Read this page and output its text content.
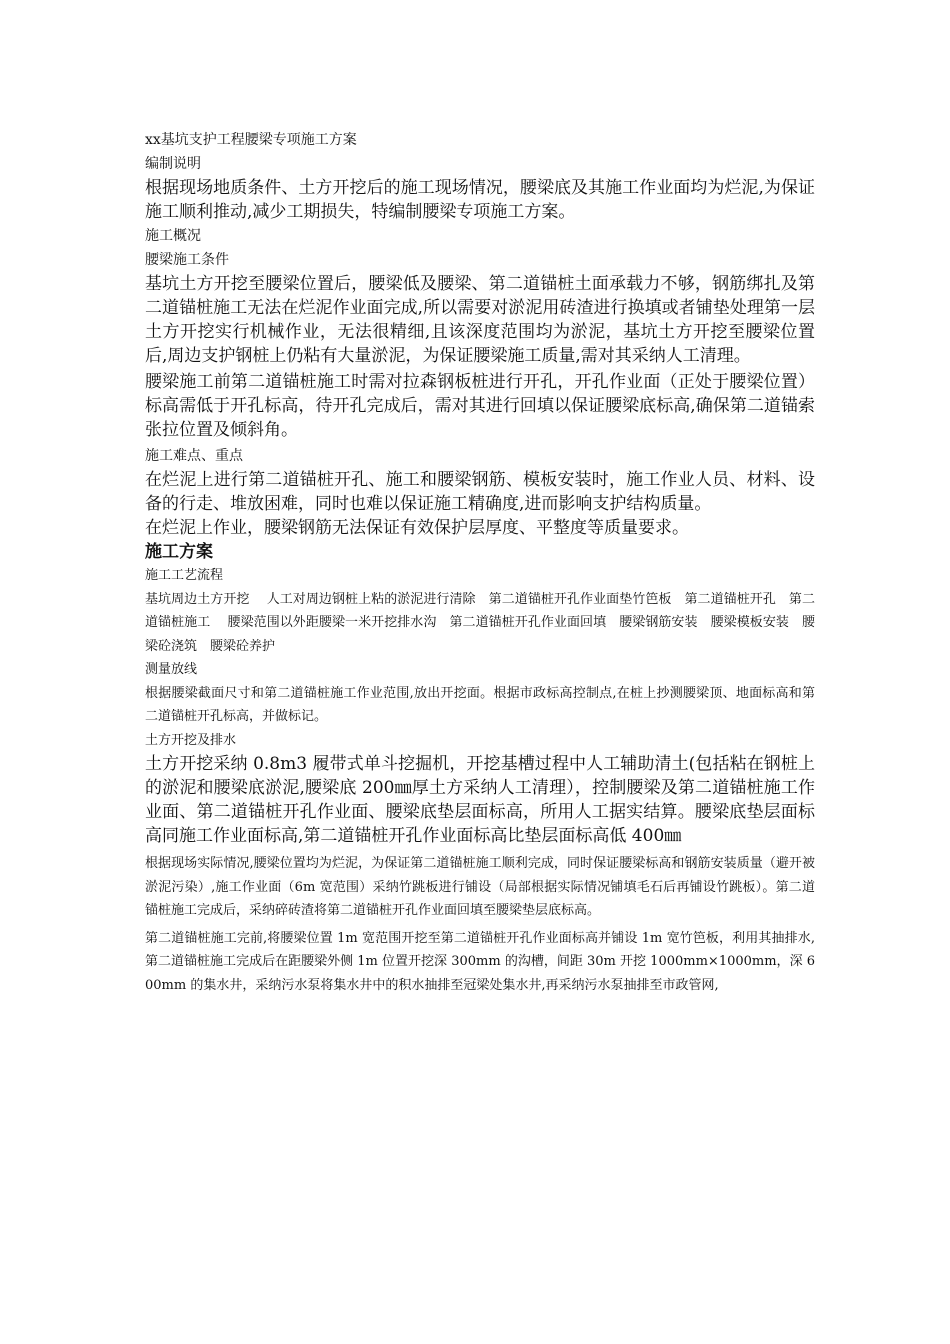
xx基坑支护工程腰梁专项施工方案

编制说明

根据现场地质条件、土方开挖后的施工现场情况，腰梁底及其施工作业面均为烂泥,为保证施工顺利推动,减少工期损失，特编制腰梁专项施工方案。

施工概况

腰梁施工条件

基坑土方开挖至腰梁位置后，腰梁低及腰梁、第二道锚桩土面承载力不够，钢筋绑扎及第二道锚桩施工无法在烂泥作业面完成,所以需要对淤泥用砖渣进行换填或者铺垫处理第一层土方开挖实行机械作业，无法很精细,且该深度范围均为淤泥，基坑土方开挖至腰梁位置后,周边支护钢桩上仍粘有大量淤泥，为保证腰梁施工质量,需对其采纳人工清理。

腰梁施工前第二道锚桩施工时需对拉森钢板桩进行开孔，开孔作业面（正处于腰梁位置）标高需低于开孔标高，待开孔完成后，需对其进行回填以保证腰梁底标高,确保第二道锚索张拉位置及倾斜角。

施工难点、重点

在烂泥上进行第二道锚桩开孔、施工和腰梁钢筋、模板安装时，施工作业人员、材料、设备的行走、堆放困难，同时也难以保证施工精确度,进而影响支护结构质量。

在烂泥上作业，腰梁钢筋无法保证有效保护层厚度、平整度等质量要求。

施工方案

施工工艺流程

基坑周边土方开挖　 人工对周边钢桩上粘的淤泥进行清除　第二道锚桩开孔作业面垫竹笆板　第二道锚桩开孔　第二道锚桩施工　 腰梁范围以外距腰梁一米开挖排水沟　第二道锚桩开孔作业面回填　腰梁钢筋安装　腰梁模板安装　腰梁砼浇筑　腰梁砼养护

测量放线

根据腰梁截面尺寸和第二道锚桩施工作业范围,放出开挖面。根据市政标高控制点,在桩上抄测腰梁顶、地面标高和第二道锚桩开孔标高，并做标记。

土方开挖及排水

土方开挖采纳 0.8m3 履带式单斗挖掘机，开挖基槽过程中人工辅助清土(包括粘在钢桩上的淤泥和腰梁底淤泥,腰梁底 200㎜厚土方采纳人工清理），控制腰梁及第二道锚桩施工作业面、第二道锚桩开孔作业面、腰梁底垫层面标高，所用人工据实结算。腰梁底垫层面标高同施工作业面标高,第二道锚桩开孔作业面标高比垫层面标高低 400㎜

根据现场实际情况,腰梁位置均为烂泥，为保证第二道锚桩施工顺利完成，同时保证腰梁标高和钢筋安装质量（避开被淤泥污染）,施工作业面（6m 宽范围）采纳竹跳板进行铺设（局部根据实际情况铺填毛石后再铺设竹跳板）。第二道锚桩施工完成后，采纳碎砖渣将第二道锚桩开孔作业面回填至腰梁垫层底标高。

第二道锚桩施工完前,将腰梁位置 1m 宽范围开挖至第二道锚桩开孔作业面标高并铺设 1m 宽竹笆板，利用其抽排水,第二道锚桩施工完成后在距腰梁外侧 1m 位置开挖深 300mm 的沟槽，间距 30m 开挖 1000mm×1000mm，深 600mm 的集水井，采纳污水泵将集水井中的积水抽排至冠梁处集水井,再采纳污水泵抽排至市政管网,
